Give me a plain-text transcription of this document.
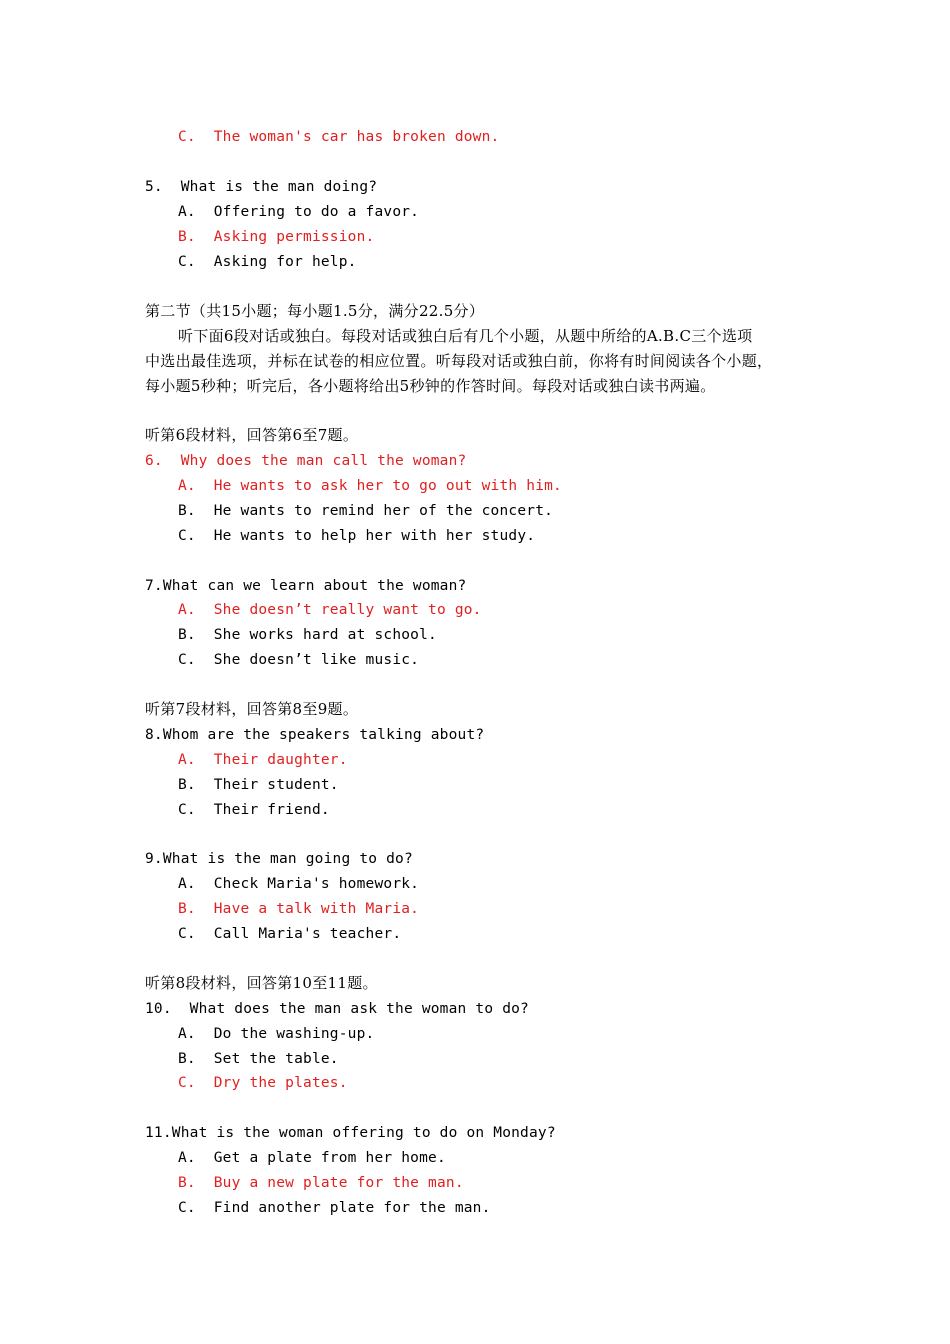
C.  The woman's car has broken down.
5.  What is the man doing?
A.  Offering to do a favor.
B.  Asking permission.
C.  Asking for help.
第二节（共15小题；每小题1.5分，满分22.5分）
听下面6段对话或独白。每段对话或独白后有几个小题，从题中所给的A.B.C三个选项
中选出最佳选项，并标在试卷的相应位置。听每段对话或独白前，你将有时间阅读各个小题，
每小题5秒种；听完后，各小题将给出5秒钟的作答时间。每段对话或独白读书两遍。
听第6段材料，回答第6至7题。
6.  Why does the man call the woman?
A.  He wants to ask her to go out with him.
B.  He wants to remind her of the concert.
C.  He wants to help her with her study.
7.What can we learn about the woman?
A.  She doesn’t really want to go.
B.  She works hard at school.
C.  She doesn’t like music.
听第7段材料，回答第8至9题。
8.Whom are the speakers talking about?
A.  Their daughter.
B.  Their student.
C.  Their friend.
9.What is the man going to do?
A.  Check Maria's homework.
B.  Have a talk with Maria.
C.  Call Maria's teacher.
听第8段材料，回答第10至11题。
10.  What does the man ask the woman to do?
A.  Do the washing-up.
B.  Set the table.
C.  Dry the plates.
11.What is the woman offering to do on Monday?
A.  Get a plate from her home.
B.  Buy a new plate for the man.
C.  Find another plate for the man.
